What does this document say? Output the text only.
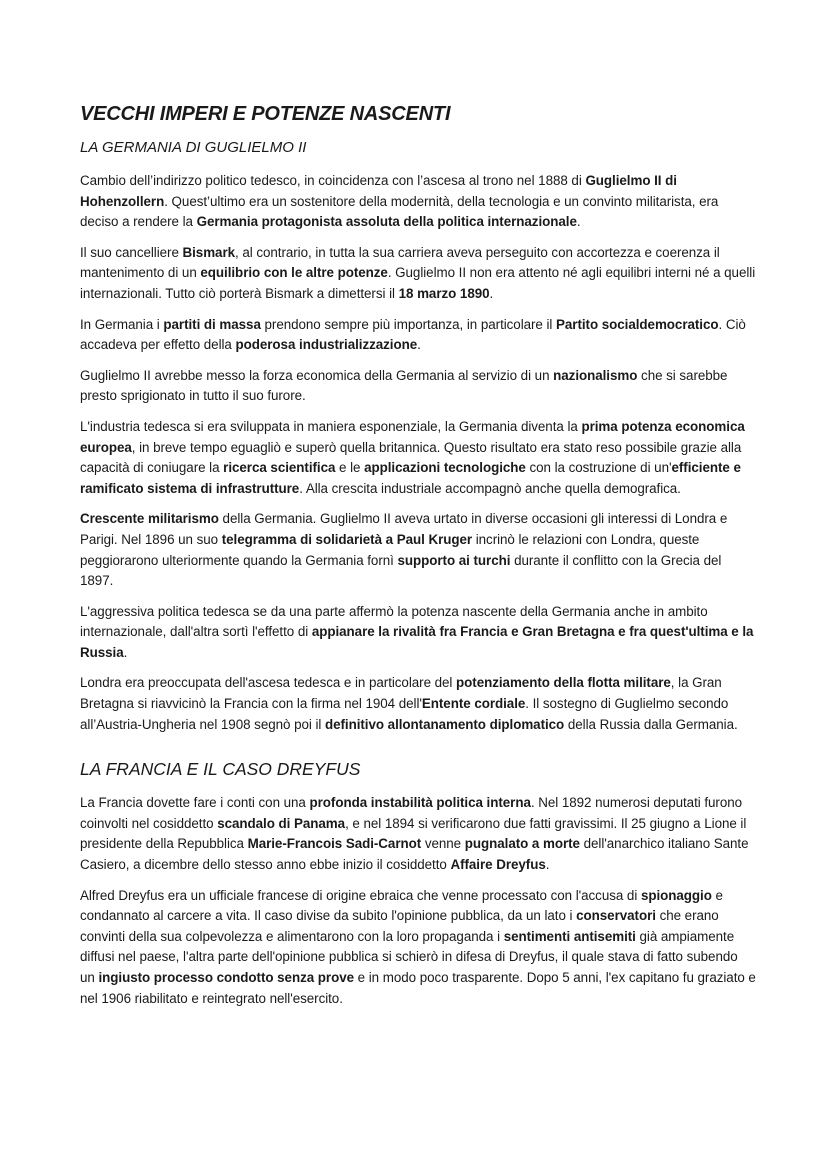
VECCHI IMPERI E POTENZE NASCENTI
LA GERMANIA DI GUGLIELMO II

Cambio dell’indirizzo politico tedesco, in coincidenza con l’ascesa al trono nel 1888 di Guglielmo II di Hohenzollern. Quest’ultimo era un sostenitore della modernità, della tecnologia e un convinto militarista, era deciso a rendere la Germania protagonista assoluta della politica internazionale.

Il suo cancelliere Bismark, al contrario, in tutta la sua carriera aveva perseguito con accortezza e coerenza il mantenimento di un equilibrio con le altre potenze. Guglielmo II non era attento né agli equilibri interni né a quelli internazionali. Tutto ciò porterà Bismark a dimettersi il 18 marzo 1890.

In Germania i partiti di massa prendono sempre più importanza, in particolare il Partito socialdemocratico. Ciò accadeva per effetto della poderosa industrializzazione.

Guglielmo II avrebbe messo la forza economica della Germania al servizio di un nazionalismo che si sarebbe presto sprigionato in tutto il suo furore.

L'industria tedesca si era sviluppata in maniera esponenziale, la Germania diventa la prima potenza economica europea, in breve tempo eguagliò e superò quella britannica. Questo risultato era stato reso possibile grazie alla capacità di coniugare la ricerca scientifica e le applicazioni tecnologiche con la costruzione di un'efficiente e ramificato sistema di infrastrutture. Alla crescita industriale accompagnò anche quella demografica.

Crescente militarismo della Germania. Guglielmo II aveva urtato in diverse occasioni gli interessi di Londra e Parigi. Nel 1896 un suo telegramma di solidarietà a Paul Kruger incrinò le relazioni con Londra, queste peggiorarono ulteriormente quando la Germania fornì supporto ai turchi durante il conflitto con la Grecia del 1897.

L'aggressiva politica tedesca se da una parte affermò la potenza nascente della Germania anche in ambito internazionale, dall'altra sortì l'effetto di appianare la rivalità fra Francia e Gran Bretagna e fra quest'ultima e la Russia.

Londra era preoccupata dell'ascesa tedesca e in particolare del potenziamento della flotta militare, la Gran Bretagna si riavvicinò la Francia con la firma nel 1904 dell'Entente cordiale. Il sostegno di Guglielmo secondo all’Austria-Ungheria nel 1908 segnò poi il definitivo allontanamento diplomatico della Russia dalla Germania.

LA FRANCIA E IL CASO DREYFUS

La Francia dovette fare i conti con una profonda instabilità politica interna. Nel 1892 numerosi deputati furono coinvolti nel cosiddetto scandalo di Panama, e nel 1894 si verificarono due fatti gravissimi. Il 25 giugno a Lione il presidente della Repubblica Marie-Francois Sadi-Carnot venne pugnalato a morte dell'anarchico italiano Sante Casiero, a dicembre dello stesso anno ebbe inizio il cosiddetto Affaire Dreyfus.

Alfred Dreyfus era un ufficiale francese di origine ebraica che venne processato con l'accusa di spionaggio e condannato al carcere a vita. Il caso divise da subito l'opinione pubblica, da un lato i conservatori che erano convinti della sua colpevolezza e alimentarono con la loro propaganda i sentimenti antisemiti già ampiamente diffusi nel paese, l'altra parte dell'opinione pubblica si schierò in difesa di Dreyfus, il quale stava di fatto subendo un ingiusto processo condotto senza prove e in modo poco trasparente. Dopo 5 anni, l'ex capitano fu graziato e nel 1906 riabilitato e reintegrato nell'esercito.
